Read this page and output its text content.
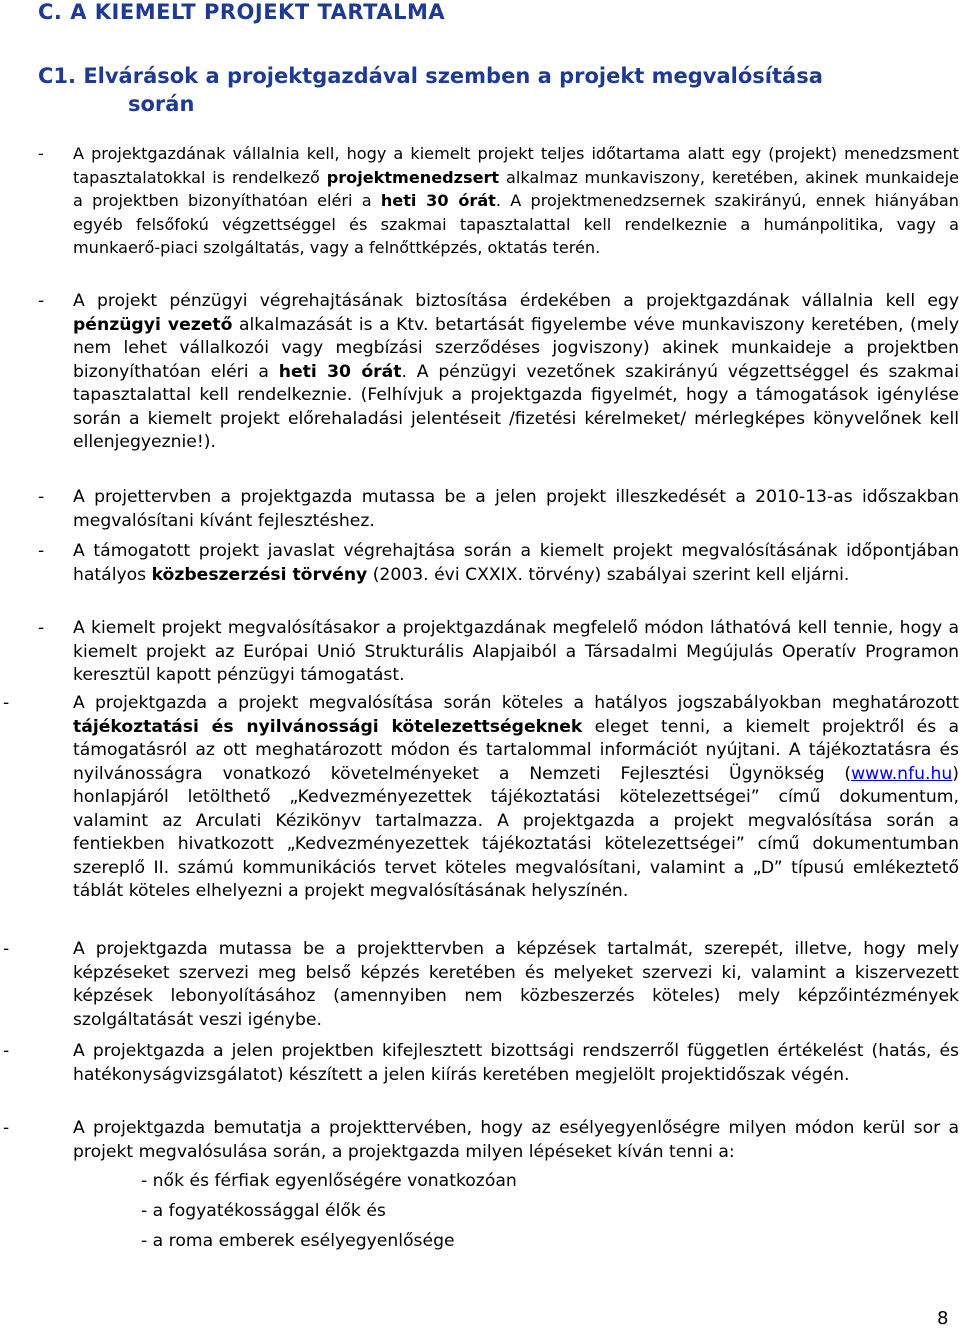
C. A KIEMELT PROJEKT TARTALMA
C1. Elvárások a projektgazdával szemben a projekt megvalósítása
során
- A projektgazdának vállalnia kell, hogy a kiemelt projekt teljes időtartama alatt egy (projekt) menedzsment tapasztalatokkal is rendelkező projektmenedzsert alkalmaz munkaviszony, keretében, akinek munkaideje a projektben bizonyíthatóan eléri a heti 30 órát. A projektmenedzsernek szakirányú, ennek hiányában egyéb felsőfokú végzettséggel és szakmai tapasztalattal kell rendelkeznie a humánpolitika, vagy a munkaerő-piaci szolgáltatás, vagy a felnőttképzés, oktatás terén.
- A projekt pénzügyi végrehajtásának biztosítása érdekében a projektgazdának vállalnia kell egy pénzügyi vezető alkalmazását is a Ktv. betartását figyelembe véve munkaviszony keretében, (mely nem lehet vállalkozói vagy megbízási szerződéses jogviszony) akinek munkaideje a projektben bizonyíthatóan eléri a heti 30 órát. A pénzügyi vezetőnek szakirányú végzettséggel és szakmai tapasztalattal kell rendelkeznie. (Felhívjuk a projektgazda figyelmét, hogy a támogatások igénylése során a kiemelt projekt előrehaladási jelentéseit /fizetési kérelmeket/ mérlegképes könyvelőnek kell ellenjegyeznie!).
- A projettervben a projektgazda mutassa be a jelen projekt illeszkedését a 2010-13-as időszakban megvalósítani kívánt fejlesztéshez.
- A támogatott projekt javaslat végrehajtása során a kiemelt projekt megvalósításának időpontjában hatályos közbeszerzési törvény (2003. évi CXXIX. törvény) szabályai szerint kell eljárni.
- A kiemelt projekt megvalósításakor a projektgazdának megfelelő módon láthatóvá kell tennie, hogy a kiemelt projekt az Európai Unió Strukturális Alapjaiból a Társadalmi Megújulás Operatív Programon keresztül kapott pénzügyi támogatást.
-	A projektgazda a projekt megvalósítása során köteles a hatályos jogszabályokban meghatározott tájékoztatási és nyilvánossági kötelezettségeknek eleget tenni, a kiemelt projektről és a támogatásról az ott meghatározott módon és tartalommal információt nyújtani. A tájékoztatásra és nyilvánosságra vonatkozó követelményeket a Nemzeti Fejlesztési Ügynökség (www.nfu.hu) honlapjáról letölthető „Kedvezményezettek tájékoztatási kötelezettségei” című dokumentum, valamint az Arculati Kézikönyv tartalmazza. A projektgazda a projekt megvalósítása során a fentiekben hivatkozott „Kedvezményezettek tájékoztatási kötelezettségei” című dokumentumban szereplő II. számú kommunikációs tervet köteles megvalósítani, valamint a „D” típusú emlékeztető táblát köteles elhelyezni a projekt megvalósításának helyszínén.
-	A projektgazda mutassa be a projekttervben a képzések tartalmát, szerepét, illetve, hogy mely képzéseket szervezi meg belső képzés keretében és melyeket szervezi ki, valamint a kiszervezett képzések lebonyolításához (amennyiben nem közbeszerzés köteles) mely képzőintézmények szolgáltatását veszi igénybe.
-	A projektgazda a jelen projektben kifejlesztett bizottsági rendszerről független értékelést (hatás, és hatékonyságvizsgálatot) készített a jelen kiírás keretében megjelölt projektidőszak végén.
-	A projektgazda bemutatja a projekttervében, hogy az esélyegyenlőségre milyen módon kerül sor a projekt megvalósulása során, a projektgazda milyen lépéseket kíván tenni a:
- nők és férfiak egyenlőségére vonatkozóan
- a fogyatékossággal élők és
- a roma emberek esélyegyenlősége
8
